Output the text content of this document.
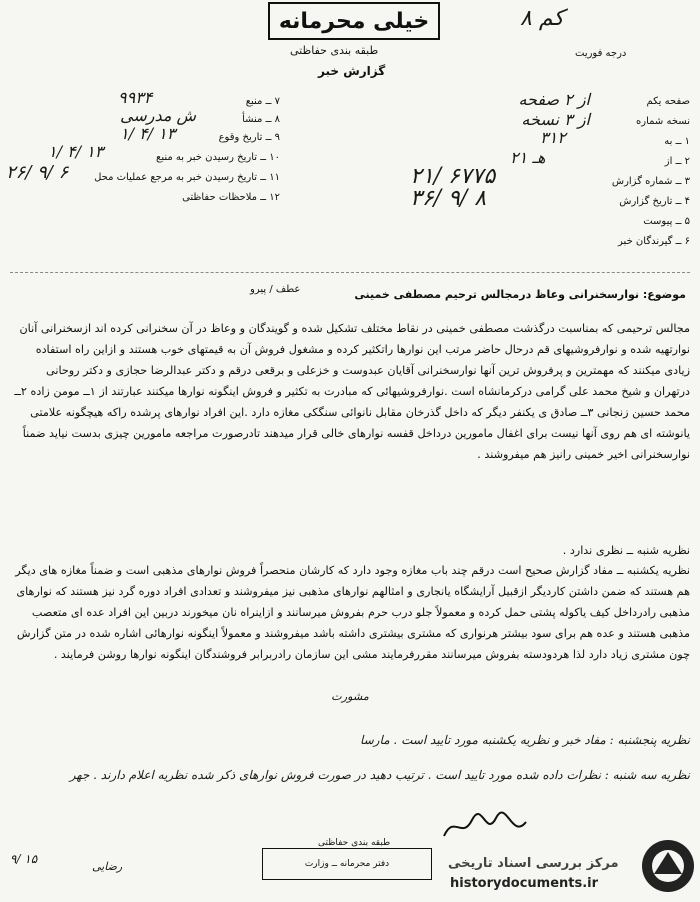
۸ کم
درجه فوریت
خیلی محرمانه
طبقه بندی حفاظتی
گزارش خبر
۷ ــ منبع
۹۹۳۴
۸ ــ منشأ
ش مدرسی
۹ ــ تاریخ وقوع
۱/ ۴/ ۱۳
۱۰ ــ تاریخ رسیدن خبر به منبع
۱/ ۴/ ۱۳
۱۱ ــ تاریخ رسیدن خبر به مرجع عملیات محل
۲۶/ ۹/ ۶
۱۲ ــ ملاحظات حفاظتی
صفحه یکم
از ۲ صفحه
نسخه شماره
از ۳ نسخه
۱ ــ به
۳۱۲
۲ ــ از
۲۱ هـ
۳ ــ شماره گزارش
۲۱/ ۶۷۷۵
۴ ــ تاریخ گزارش
۳۶/ ۹/ ۸
۵ ــ پیوست
۶ ــ گیرندگان خبر
عطف / پیرو	موضوع: نوارسخنرانی وعاظ درمجالس ترحیم مصطفی خمینی
مجالس ترحیمی که بمناسبت درگذشت مصطفی خمینی در نقاط مختلف تشکیل شده و گویندگان و وعاظ در آن سخنرانی کرده اند ازسخنرانی آنان نوارتهیه شده و نوارفروشیهای قم درحال حاضر مرتب این نوارها راتکثیر کرده و مشغول فروش آن به قیمتهای خوب هستند و ازاین راه استفاده زیادی میکنند که مهمترین و پرفروش ترین آنها نوارسخنرانی آقایان عبدوست و خزعلی و برقعی درقم و دکتر عبدالرضا حجازی و دکتر روحانی درتهران و شیخ محمد علی گرامی درکرمانشاه است .نوارفروشیهائی که مبادرت به تکثیر و فروش اینگونه نوارها میکنند عبارتند از ۱ــ مومن زاده ۲ــ محمد حسین زنجانی ۳ــ صادق ی یکنفر دیگر که داخل گذرخان مقابل نانوائی سنگکی مغازه دارد .این افراد نوارهای پرشده راکه هیچگونه علامتی یانوشته ای هم روی آنها نیست برای اغفال مامورین درداخل قفسه نوارهای خالی قرار میدهند تادرصورت مراجعه مامورین چیزی بدست نیاید ضمناً نوارسخنرانی اخیر خمینی رانیز هم میفروشند .
نظریه شنبه ــ نظری ندارد .
نظریه یکشنبه ــ مفاد گزارش صحیح است درقم چند باب مغازه وجود دارد که کارشان منحصراً فروش نوارهای مذهبی است و ضمناً مغازه های دیگر هم هستند که ضمن داشتن کاردیگر ازقبیل آرایشگاه یانجاری و امثالهم نوارهای مذهبی نیز میفروشند و تعدادی افراد دوره گرد نیز هستند که نوارهای مذهبی رادرداخل کیف یاکوله پشتی حمل کرده و معمولاً جلو درب حرم بفروش میرسانند و ازاینراه نان میخورند دربین این افراد عده ای متعصب مذهبی هستند و عده هم برای سود بیشتر هرنواری که مشتری بیشتری داشته باشد میفروشند و معمولاً اینگونه نوارهائی اشاره شده در متن گزارش چون مشتری زیاد دارد لذا هردودسته بفروش میرسانند مقررفرمایند مشی این سازمان رادربرابر فروشندگان اینگونه نوارها روشن فرمایند .
مشورت
نظریه پنجشنبه : مفاد خبر و نظریه یکشنبه مورد تایید است . مارسا
نظریه سه شنبه : نظرات داده شده مورد تایید است . ترتیب دهید در صورت فروش نوارهای ذکر شده نظریه اعلام دارند . جهر
طبقه بندی حفاظتی
دفتر محرمانه ــ وزارت
۹/ ۱۵
رضایی	مرکز بررسی اسناد تاریخی
historydocuments.ir
